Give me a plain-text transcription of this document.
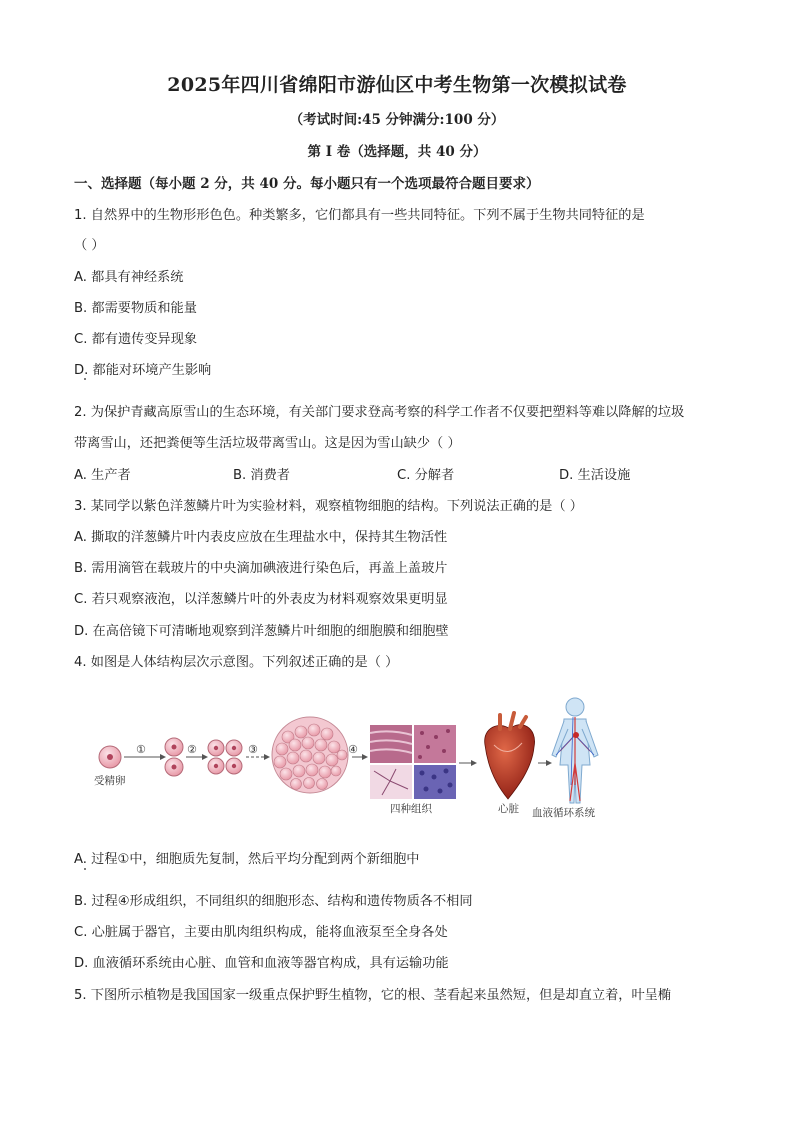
2025年四川省绵阳市游仙区中考生物第一次模拟试卷
（考试时间:45 分钟满分:100 分）
第 I 卷（选择题，共 40 分）
一、选择题（每小题 2 分，共 40 分。每小题只有一个选项最符合题目要求）
1. 自然界中的生物形形色色。种类繁多，它们都具有一些共同特征。下列不属于生物共同特征的是
（ ）
A. 都具有神经系统
B. 都需要物质和能量
C. 都有遗传变异现象
D. 都能对环境产生影响
2. 为保护青藏高原雪山的生态环境，有关部门要求登高考察的科学工作者不仅要把塑料等难以降解的垃圾
带离雪山，还把粪便等生活垃圾带离雪山。这是因为雪山缺少（ ）
A. 生产者	B. 消费者	C. 分解者	D. 生活设施
3. 某同学以紫色洋葱鳞片叶为实验材料，观察植物细胞的结构。下列说法正确的是（ ）
A. 撕取的洋葱鳞片叶内表皮应放在生理盐水中，保持其生物活性
B. 需用滴管在载玻片的中央滴加碘液进行染色后，再盖上盖玻片
C. 若只观察液泡，以洋葱鳞片叶的外表皮为材料观察效果更明显
D. 在高倍镜下可清晰地观察到洋葱鳞片叶细胞的细胞膜和细胞壁
4. 如图是人体结构层次示意图。下列叙述正确的是（ ）
受精卵
①	②	③	④
四种组织	心脏 血液循环系统
A. 过程①中，细胞质先复制，然后平均分配到两个新细胞中
B. 过程④形成组织，不同组织的细胞形态、结构和遗传物质各不相同
C. 心脏属于器官，主要由肌肉组织构成，能将血液泵至全身各处
D. 血液循环系统由心脏、血管和血液等器官构成，具有运输功能
5. 下图所示植物是我国国家一级重点保护野生植物，它的根、茎看起来虽然短，但是却直立着，叶呈椭
